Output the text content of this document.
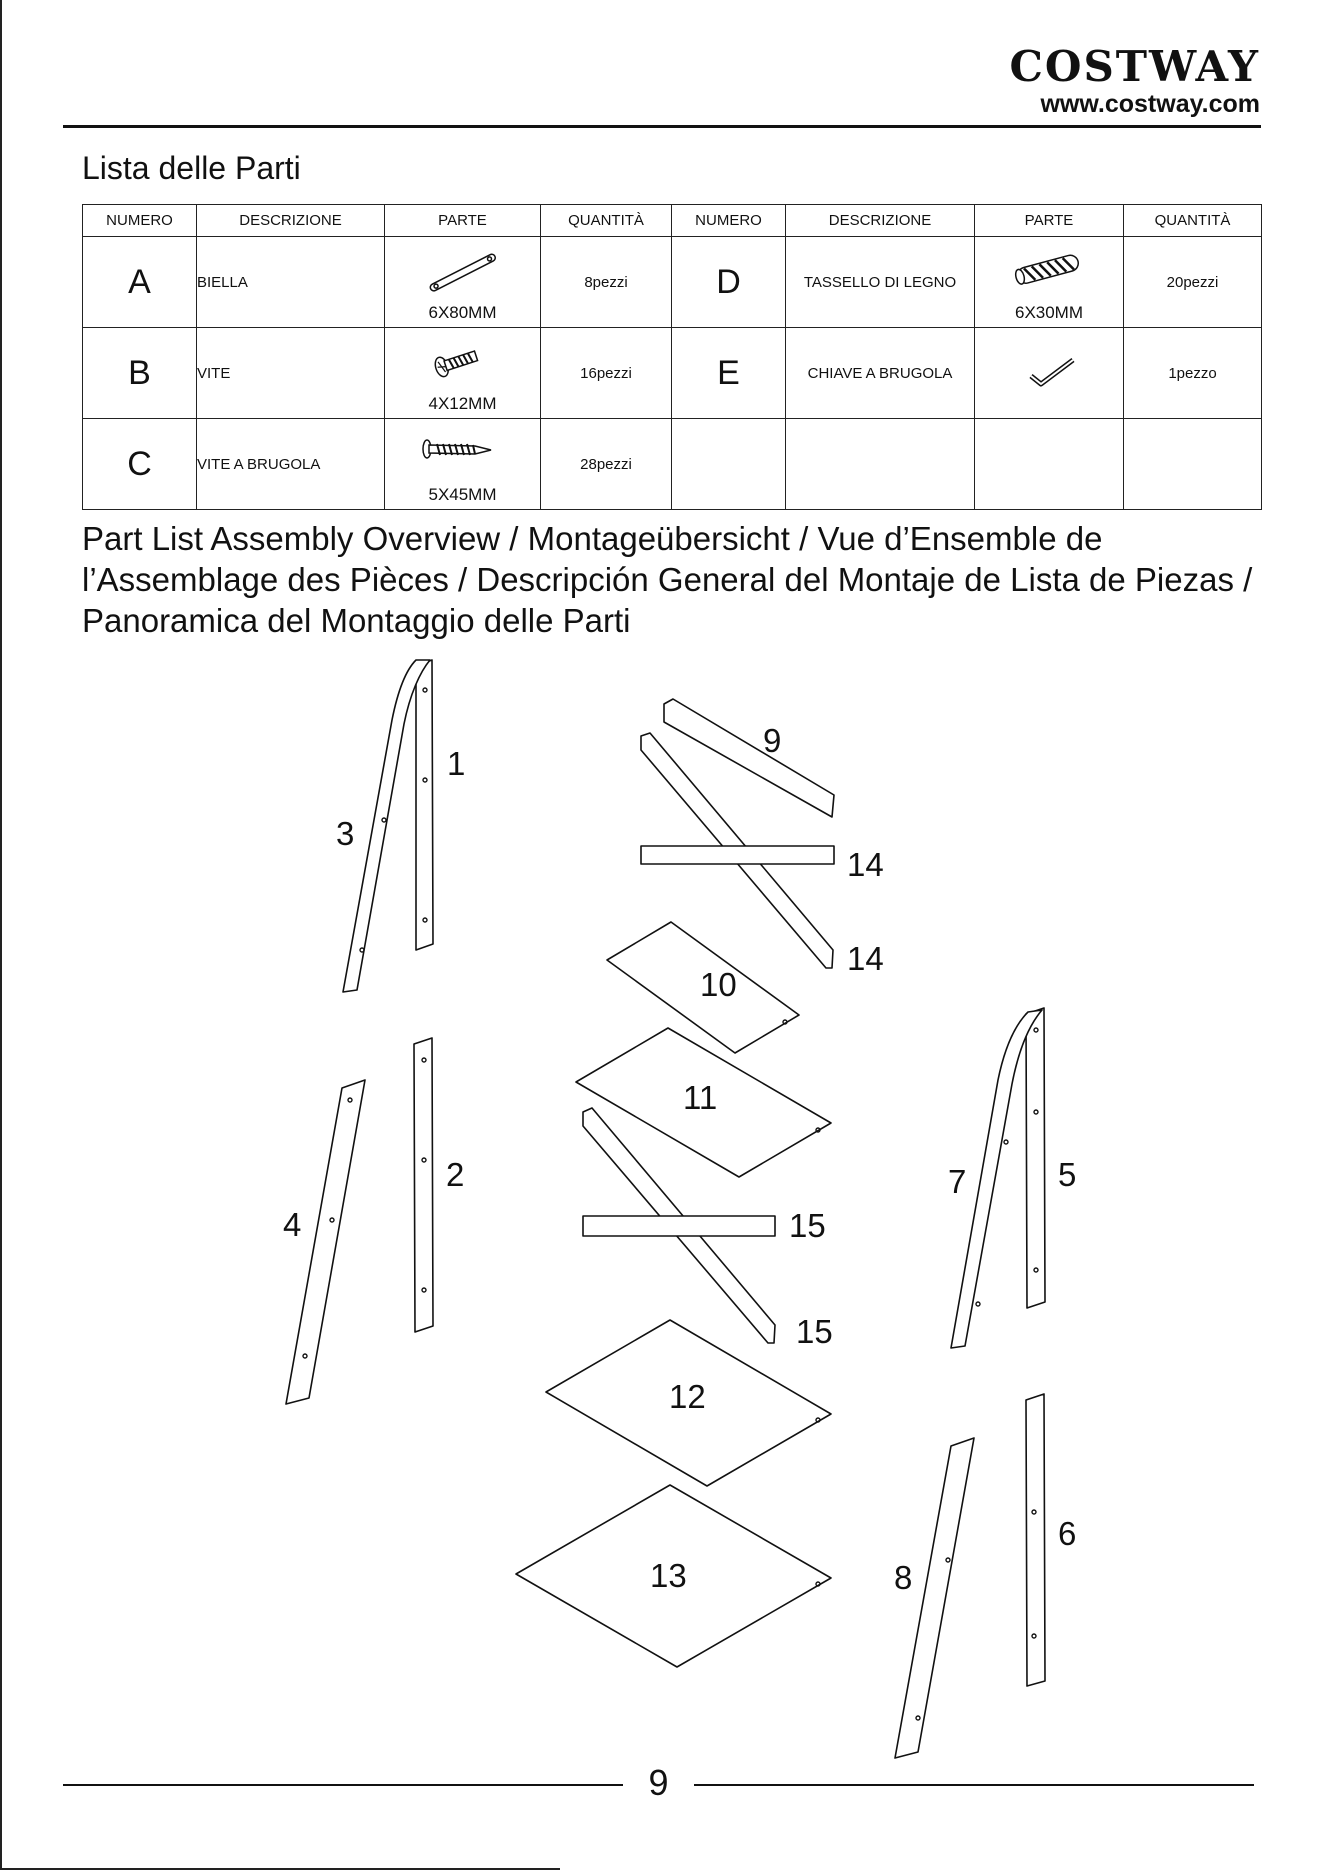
COSTWAY
www.costway.com
Lista delle Parti
NUMERO	DESCRIZIONE	PARTE	QUANTITÀ	NUMERO	DESCRIZIONE	PARTE	QUANTITÀ
A	BIELLA	6X80MM	8pezzi	D	TASSELLO DI LEGNO	6X30MM	20pezzi
B	VITE	4X12MM	16pezzi	E	CHIAVE A BRUGOLA		1pezzo
C	VITE A BRUGOLA	5X45MM	28pezzi				
Part List Assembly Overview / Montageübersicht / Vue d’Ensemble de l’Assemblage des Pièces / Descripción General del Montaje de Lista de Piezas / Panoramica del Montaggio delle Parti
1
3
2
4
9
14
14
10
11
15
15
12
13
7	5
6
8
9
